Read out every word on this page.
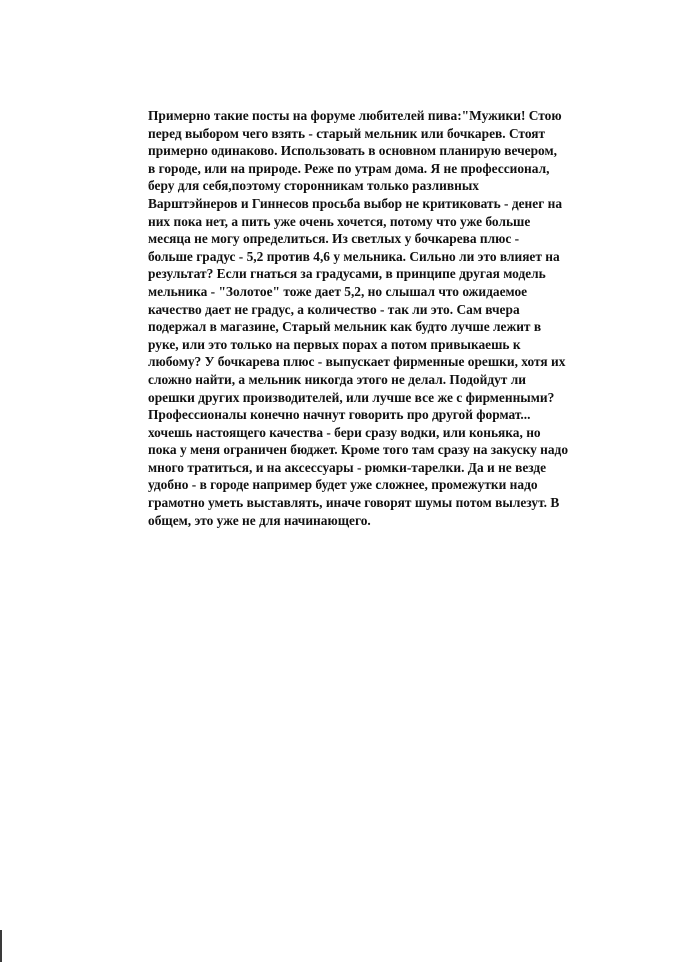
Примерно такие посты на форуме любителей пива:"Мужики! Стою
перед выбором чего взять - старый мельник или бочкарев. Стоят
примерно одинаково. Использовать в основном планирую вечером,
в городе, или на природе. Реже по утрам дома. Я не профессионал,
беру для себя,поэтому сторонникам только разливных
Варштэйнеров и Гиннесов просьба выбор не критиковать - денег на
них пока нет, а пить уже очень хочется, потому что уже больше
месяца не могу определиться. Из светлых у бочкарева плюс -
больше градус - 5,2 против 4,6 у мельника. Сильно ли это влияет на
результат? Если гнаться за градусами, в принципе другая модель
мельника - "Золотое" тоже дает 5,2, но слышал что ожидаемое
качество дает не градус, а количество - так ли это. Сам вчера
подержал в магазине, Старый мельник как будто лучше лежит в
руке, или это только на первых порах а потом привыкаешь к
любому? У бочкарева плюс - выпускает фирменные орешки, хотя их
сложно найти, а мельник никогда этого не делал. Подойдут ли
орешки других производителей, или лучше все же с фирменными?
Профессионалы конечно начнут говорить про другой формат...
хочешь настоящего качества - бери сразу водки, или коньяка, но
пока у меня ограничен бюджет. Кроме того там сразу на закуску надо
много тратиться, и на аксессуары - рюмки-тарелки. Да и не везде
удобно - в городе например будет уже сложнее, промежутки надо
грамотно уметь выставлять, иначе говорят шумы потом вылезут. В
общем, это уже не для начинающего.
